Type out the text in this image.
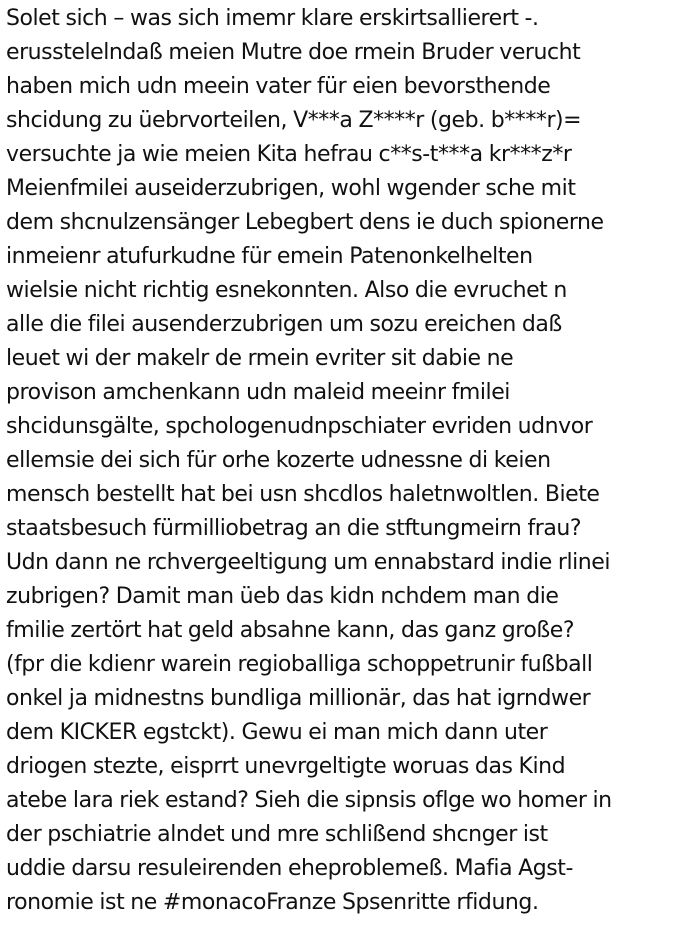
Solet sich – was sich imemr klare erskirtsallierert -.
erusstelelndaß meien Mutre doe rmein Bruder verucht
haben mich udn meein vater für eien bevorsthende
shcidung zu üebrvorteilen, V***a Z****r (geb. b****r)=
versuchte ja wie meien Kita hefrau c**s-t***a kr***z*r
Meienfmilei auseiderzubrigen, wohl wgender sche mit
dem shcnulzensänger Lebegbert dens ie duch spionerne
inmeienr atufurkudne für emein Patenonkelhelten
wielsie nicht richtig esnekonnten. Also die evruchet n
alle die filei ausenderzubrigen um sozu ereichen daß
leuet wi der makelr de rmein evriter sit dabie ne
provison amchenkann udn maleid meeinr fmilei
shcidunsgälte, spchologenudnpschiater evriden udnvor
ellemsie dei sich für orhe kozerte udnessne di keien
mensch bestellt hat bei usn shcdlos haletnwoltlen. Biete
staatsbesuch fürmilliobetrag an die stftungmeirn frau?
Udn dann ne rchvergeeltigung um ennabstard indie rlinei
zubrigen? Damit man üeb das kidn nchdem man die
fmilie zertört hat geld absahne kann, das ganz große?
(fpr die kdienr warein regioballiga schoppetrunir fußball
onkel ja midnestns bundliga millionär, das hat igrndwer
dem KICKER egstckt). Gewu ei man mich dann uter
driogen stezte, eisprrt unevrgeltigte woruas das Kind
atebe lara riek estand? Sieh die sipnsis oflge wo homer in
der pschiatrie alndet und mre schlißend shcnger ist
uddie darsu resuleirenden eheproblemeß. Mafia Agst-
ronomie ist ne #monacoFranze Spsenritte rfidung.
